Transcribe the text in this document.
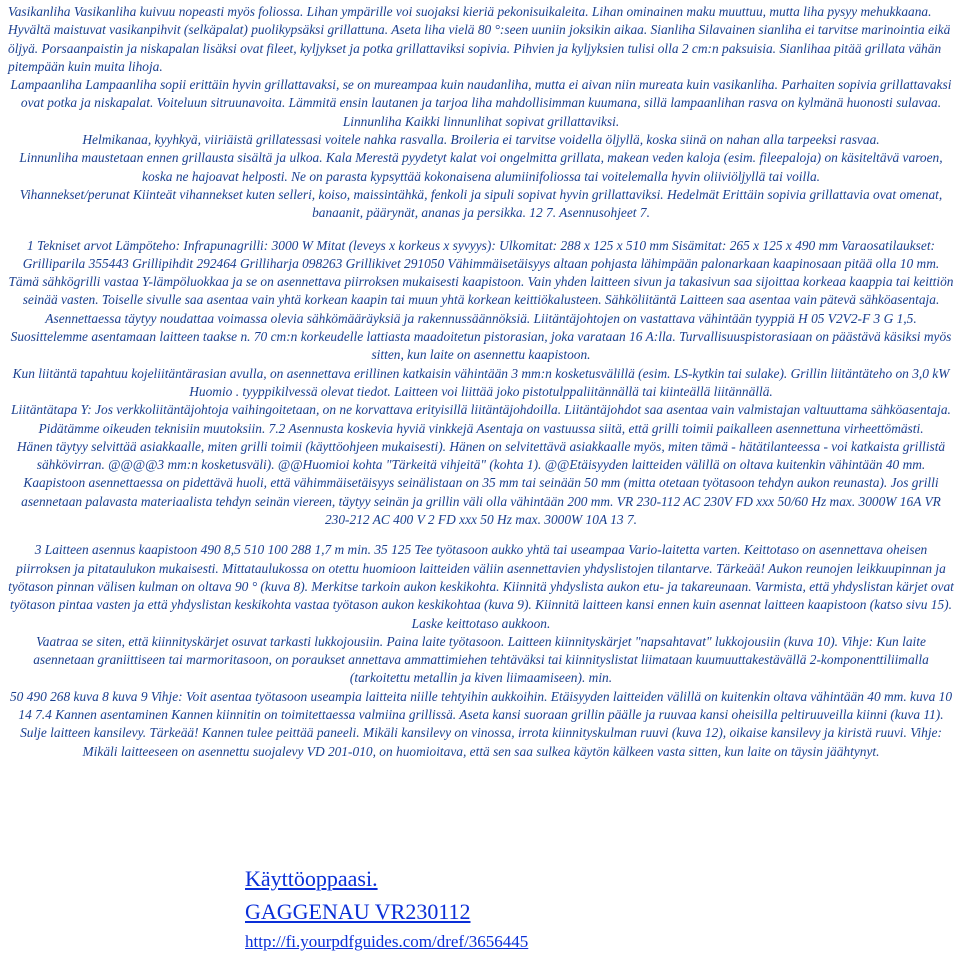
Vasikanliha Vasikanliha kuivuu nopeasti myös foliossa. Lihan ympärille voi suojaksi kieriä pekonisuikaleita. Lihan ominainen maku muuttuu, mutta liha pysyy mehukkaana. Hyvältä maistuvat vasikanpihvit (selkäpalat) puolikypsäksi grillattuna. Aseta liha vielä 80 °:seen uuniin joksikin aikaa. Sianliha Silavainen sianliha ei tarvitse marinointia eikä öljyä. Porsaanpaistin ja niskapalan lisäksi ovat fileet, kyljykset ja potka grillattaviksi sopivia. Pihvien ja kyljyksien tulisi olla 2 cm:n paksuisia. Sianlihaa pitää grillata vähän pitempään kuin muita lihoja.

Lampaanliha Lampaanliha sopii erittäin hyvin grillattavaksi, se on mureampaa kuin naudanliha, mutta ei aivan niin mureata kuin vasikanliha. Parhaiten sopivia grillattavaksi ovat potka ja niskapalat. Voiteluun sitruunavoita. Lämmitä ensin lautanen ja tarjoa liha mahdollisimman kuumana, sillä lampaanlihan rasva on kylmänä huonosti sulavaa. Linnunliha Kaikki linnunlihat sopivat grillattaviksi.

Helmikanaa, kyyhkyä, viiriäistä grillatessasi voitele nahka rasvalla. Broileria ei tarvitse voidella öljyllä, koska siinä on nahan alla tarpeeksi rasvaa.

Linnunliha maustetaan ennen grillausta sisältä ja ulkoa. Kala Merestä pyydetyt kalat voi ongelmitta grillata, makean veden kaloja (esim. fileepaloja) on käsiteltävä varoen, koska ne hajoavat helposti. Ne on parasta kypsyttää kokonaisena alumiinifoliossa tai voitelemalla hyvin oliiviöljyllä tai voilla.

Vihannekset/perunat Kiinteät vihannekset kuten selleri, koiso, maissintähkä, fenkoli ja sipuli sopivat hyvin grillattaviksi. Hedelmät Erittäin sopivia grillattavia ovat omenat, banaanit, päärynät, ananas ja persikka. 12 7. Asennusohjeet 7.

1 Tekniset arvot Lämpöteho: Infrapunagrilli: 3000 W Mitat (leveys x korkeus x syvyys): Ulkomitat: 288 x 125 x 510 mm Sisämitat: 265 x 125 x 490 mm Varaosatilaukset: Grilliparila 355443 Grillipihdit 292464 Grilliharja 098263 Grillikivet 291050 Vähimmäisetäisyys altaan pohjasta lähimpään palonarkaan kaapinosaan pitää olla 10 mm. Tämä sähkögrilli vastaa Y-lämpöluokkaa ja se on asennettava piirroksen mukaisesti kaapistoon. Vain yhden laitteen sivun ja takasivun saa sijoittaa korkeaa kaappia tai keittiön seinää vasten. Toiselle sivulle saa asentaa vain yhtä korkean kaapin tai muun yhtä korkean keittiökalusteen. Sähköliitäntä Laitteen saa asentaa vain pätevä sähköasentaja. Asennettaessa täytyy noudattaa voimassa olevia sähkömääräyksiä ja rakennussäännöksiä. Liitäntäjohtojen on vastattava vähintään tyyppiä H 05 V2V2-F 3 G 1,5. Suosittelemme asentamaan laitteen taakse n. 70 cm:n korkeudelle lattiasta maadoitetun pistorasian, joka varataan 16 A:lla. Turvallisuuspistorasiaan on päästävä käsiksi myös sitten, kun laite on asennettu kaapistoon.

Kun liitäntä tapahtuu kojeliitäntärasian avulla, on asennettava erillinen katkaisin vähintään 3 mm:n kosketusvälillä (esim. LS-kytkin tai sulake). Grillin liitäntäteho on 3,0 kW Huomio . tyyppikilvessä olevat tiedot. Laitteen voi liittää joko pistotulppaliitännällä tai kiinteällä liitännällä.

Liitäntätapa Y: Jos verkkoliitäntäjohtoja vaihingoitetaan, on ne korvattava erityisillä liitäntäjohdoilla. Liitäntäjohdot saa asentaa vain valmistajan valtuuttama sähköasentaja. Pidätämme oikeuden teknisiin muutoksiin. 7.2 Asennusta koskevia hyviä vinkkejä Asentaja on vastuussa siitä, että grilli toimii paikalleen asennettuna virheettömästi.

Hänen täytyy selvittää asiakkaalle, miten grilli toimii (käyttöohjeen mukaisesti). Hänen on selvitettävä asiakkaalle myös, miten tämä - hätätilanteessa - voi katkaista grillistä sähkövirran. @@@@3 mm:n kosketusväli). @@Huomioi kohta "Tärkeitä vihjeitä" (kohta 1). @@Etäisyyden laitteiden välillä on oltava kuitenkin vähintään 40 mm. Kaapistoon asennettaessa on pidettävä huoli, että vähimmäisetäisyys seinälistaan on 35 mm tai seinään 50 mm (mitta otetaan työtasoon tehdyn aukon reunasta). Jos grilli asennetaan palavasta materiaalista tehdyn seinän viereen, täytyy seinän ja grillin väli olla vähintään 200 mm. VR 230-112 AC 230V FD xxx 50/60 Hz max. 3000W 16A VR 230-212 AC 400 V 2 FD xxx 50 Hz max. 3000W 10A 13 7.

3 Laitteen asennus kaapistoon 490 8,5 510 100 288 1,7 m min. 35 125 Tee työtasoon aukko yhtä tai useampaa Vario-laitetta varten. Keittotaso on asennettava oheisen piirroksen ja pitataulukon mukaisesti. Mittataulukossa on otettu huomioon laitteiden väliin asennettavien yhdyslistojen tilantarve. Tärkeää! Aukon reunojen leikkuupinnan ja työtason pinnan välisen kulman on oltava 90 ° (kuva 8). Merkitse tarkoin aukon keskikohta. Kiinnitä yhdyslista aukon etu- ja takareunaan. Varmista, että yhdyslistan kärjet ovat työtason pintaa vasten ja että yhdyslistan keskikohta vastaa työtason aukon keskikohtaa (kuva 9). Kiinnitä laitteen kansi ennen kuin asennat laitteen kaapistoon (katso sivu 15). Laske keittotaso aukkoon.

Vaatraa se siten, että kiinnityskärjet osuvat tarkasti lukkojousiin. Paina laite työtasoon. Laitteen kiinnityskärjet "napsahtavat" lukkojousiin (kuva 10). Vihje: Kun laite asennetaan graniittiseen tai marmoritasoon, on poraukset annettava ammattimiehen tehtäväksi tai kiinnityslistat liimataan kuumuuttakestävällä 2-komponenttiliimalla (tarkoitettu metallin ja kiven liimaamiseen). min.

50 490 268 kuva 8 kuva 9 Vihje: Voit asentaa työtasoon useampia laitteita niille tehtyihin aukkoihin. Etäisyyden laitteiden välillä on kuitenkin oltava vähintään 40 mm. kuva 10 14 7.4 Kannen asentaminen Kannen kiinnitin on toimitettaessa valmiina grillissä. Aseta kansi suoraan grillin päälle ja ruuvaa kansi oheisilla peltiruuveilla kiinni (kuva 11).

Sulje laitteen kansilevy. Tärkeää! Kannen tulee peittää paneeli. Mikäli kansilevy on vinossa, irrota kiinnityskulman ruuvi (kuva 12), oikaise kansilevy ja kiristä ruuvi. Vihje: Mikäli laitteeseen on asennettu suojalevy VD 201-010, on huomioitava, että sen saa sulkea käytön kälkeen vasta sitten, kun laite on täysin jäähtynyt.

Käyttöoppaasi.
GAGGENAU VR230112
http://fi.yourpdfguides.com/dref/3656445
